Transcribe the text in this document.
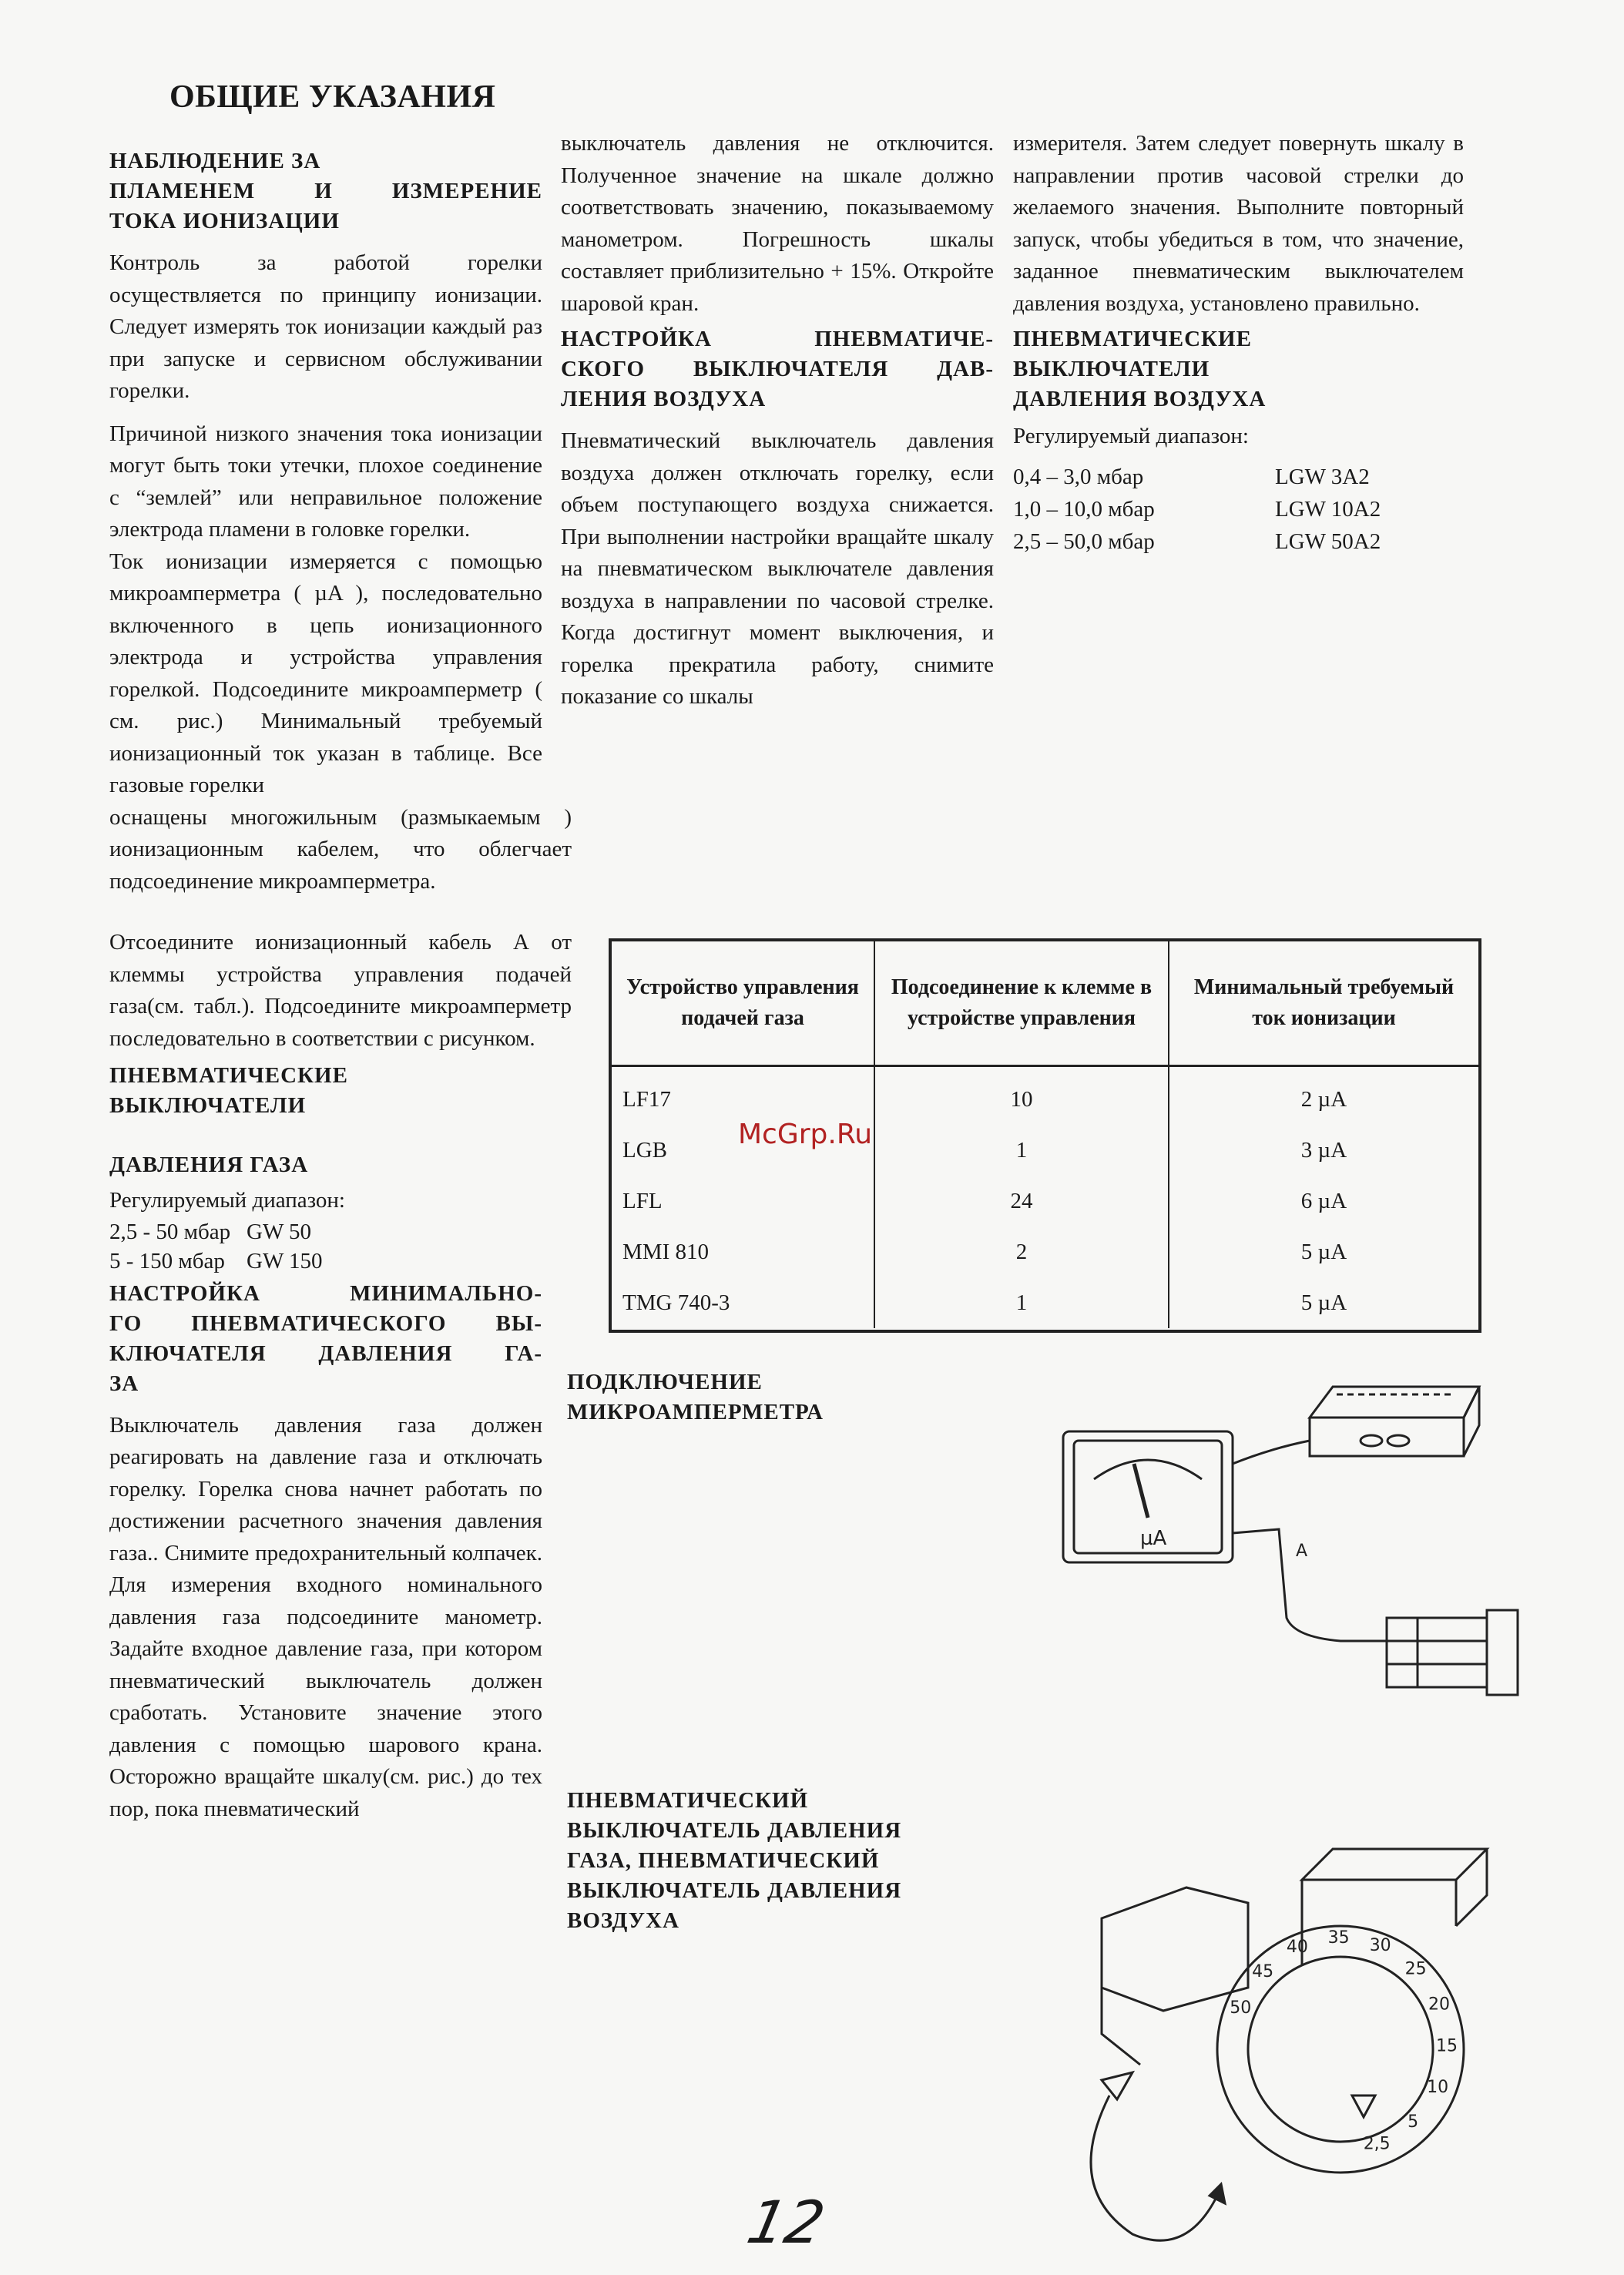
ОБЩИЕ УКАЗАНИЯ
НАБЛЮДЕНИЕ ЗА
ПЛАМЕНЕМ И ИЗМЕРЕНИЕ
ТОКА ИОНИЗАЦИИ

Контроль за работой горелки осуществляется по принципу ионизации. Следует измерять ток ионизации каждый раз при запуске и сервисном обслуживании горелки.

Причиной низкого значения тока ионизации могут быть токи утечки, плохое соединение с “землей” или неправильное положение электрода пламени в головке горелки.

Ток ионизации измеряется с помощью микроамперметра ( µA ), последовательно включенного в цепь ионизационного электрода и устройства управления горелкой. Подсоедините микроамперметр ( см. рис.) Минимальный требуемый ионизационный ток указан в таблице. Все газовые горелки

оснащены многожильным (размыкаемым ) ионизационным кабелем, что облегчает подсоединение микроамперметра.

Отсоедините ионизационный кабель А от клеммы устройства управления подачей газа(см. табл.). Подсоедините микроамперметр последовательно в соответствии с рисунком.

ПНЕВМАТИЧЕСКИЕ
ВЫКЛЮЧАТЕЛИ
ДАВЛЕНИЯ ГАЗА
Регулируемый диапазон:
2,5 - 50 мбар GW 50
5 - 150 мбар GW 150
НАСТРОЙКА МИНИМАЛЬНО-
ГО ПНЕВМАТИЧЕСКОГО ВЫ-
КЛЮЧАТЕЛЯ ДАВЛЕНИЯ ГА-
ЗА

Выключатель давления газа должен реагировать на давление газа и отключать горелку. Горелка снова начнет работать по достижении расчетного значения давления газа.. Снимите предохранительный колпачек. Для измерения входного номинального давления газа подсоедините манометр. Задайте входное давление газа, при котором пневматический выключатель должен сработать. Установите значение этого давления с помощью шарового крана. Осторожно вращайте шкалу(см. рис.) до тех пор, пока пневматический

выключатель давления не отключится. Полученное значение на шкале должно соответствовать значению, показываемому манометром. Погрешность шкалы составляет приблизительно + 15%. Откройте шаровой кран.

НАСТРОЙКА ПНЕВМАТИЧЕ-
СКОГО ВЫКЛЮЧАТЕЛЯ ДАВ-
ЛЕНИЯ ВОЗДУХА

Пневматический выключатель давления воздуха должен отключать горелку, если объем поступающего воздуха снижается. При выполнении настройки вращайте шкалу на пневматическом выключателе давления воздуха в направлении по часовой стрелке. Когда достигнут момент выключения, и горелка прекратила работу, снимите показание со шкалы

измерителя. Затем следует повернуть шкалу в направлении против часовой стрелки до желаемого значения. Выполните повторный запуск, чтобы убедиться в том, что значение, заданное пневматическим выключателем давления воздуха, установлено правильно.

ПНЕВМАТИЧЕСКИЕ
ВЫКЛЮЧАТЕЛИ
ДАВЛЕНИЯ ВОЗДУХА
Регулируемый диапазон:
0,4 – 3,0 мбар	LGW 3A2
1,0 – 10,0 мбар	LGW 10A2
2,5 – 50,0 мбар	LGW 50A2
Устройство управления подачей газа	Подсоединение к клемме в устройстве управления	Минимальный требуемый ток ионизации
LF17	10	2 µA
LGB	1	3 µA
LFL	24	6 µA
MMI 810	2	5 µA
TMG 740-3	1	5 µA
McGrp.Ru
ПОДКЛЮЧЕНИЕ
МИКРОАМПЕРМЕТРА
µA
A
ПНЕВМАТИЧЕСКИЙ
ВЫКЛЮЧАТЕЛЬ ДАВЛЕНИЯ
ГАЗА, ПНЕВМАТИЧЕСКИЙ
ВЫКЛЮЧАТЕЛЬ ДАВЛЕНИЯ
ВОЗДУХА
50
45
40 35 30
25
20
15
10
5
2,5
12
